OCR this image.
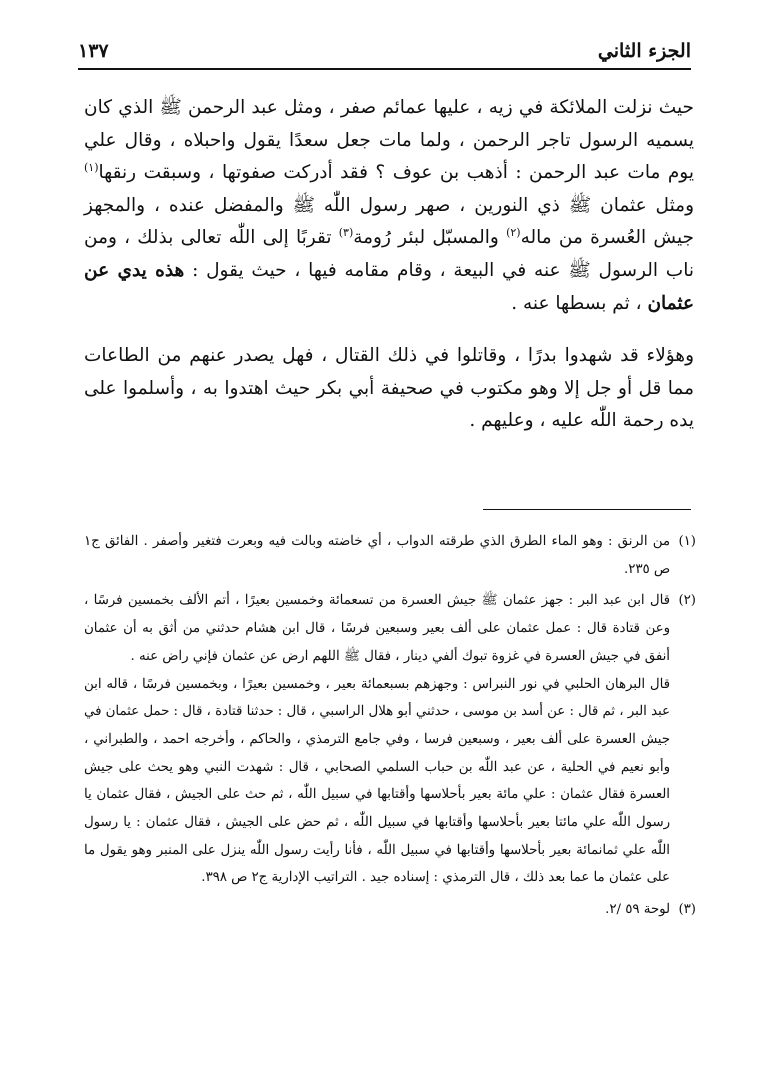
الجزء الثاني
١٣٧

حيث نزلت الملائكة في زيه ، عليها عمائم صفر ، ومثل عبد الرحمن ﷺ الذي كان يسميه الرسول تاجر الرحمن ، ولما مات جعل سعدًا يقول واحبلاه ، وقال علي يوم مات عبد الرحمن : أذهب بن عوف ؟ فقد أدركت صفوتها ، وسبقت رنقها$^{(١)}$ ومثل عثمان ﷺ ذي النورين ، صهر رسول اللّٰه ﷺ والمفضل عنده ، والمجهز جيش العُسرة من ماله$^{(٢)}$ والمسبّل لبئر رُومة$^{(٣)}$ تقربًا إلى اللّٰه تعالى بذلك ، ومن ناب الرسول ﷺ عنه في البيعة ، وقام مقامه فيها ، حيث يقول : هذه يدي عن عثمان ، ثم بسطها عنه .

وهؤلاء قد شهدوا بدرًا ، وقاتلوا في ذلك القتال ، فهل يصدر عنهم من الطاعات مما قل أو جل إلا وهو مكتوب في صحيفة أبي بكر حيث اهتدوا به ، وأسلموا على يده رحمة اللّٰه عليه ، وعليهم .

(١)

من الرنق : وهو الماء الطرق الذي طرقته الدواب ، أي خاضته وبالت فيه وبعرت فتغير وأصفر . الفائق ج١ ص ٢٣٥.

(٢)

قال ابن عبد البر : جهز عثمان ﷺ جيش العسرة من تسعمائة وخمسين بعيرًا ، أتم الألف بخمسين فرسًا ، وعن قتادة قال : عمل عثمان على ألف بعير وسبعين فرسًا ، قال ابن هشام حدثني من أثق به أن عثمان أنفق في جيش العسرة في غزوة تبوك ألفي دينار ، فقال ﷺ اللهم ارض عن عثمان فإني راض عنه .

قال البرهان الحلبي في نور النبراس : وجهزهم بسبعمائة بعير ، وخمسين بعيرًا ، وبخمسين فرسًا ، قاله ابن عبد البر ، ثم قال : عن أسد بن موسى ، حدثني أبو هلال الراسبي ، قال : حدثنا قتادة ، قال : حمل عثمان في جيش العسرة على ألف بعير ، وسبعين فرسا ، وفي جامع الترمذي ، والحاكم ، وأخرجه احمد ، والطبراني ، وأبو نعيم في الحلية ، عن عبد اللّٰه بن حباب السلمي الصحابي ، قال : شهدت النبي وهو يحث على جيش العسرة فقال عثمان : علي مائة بعير بأحلاسها وأقتابها في سبيل اللّٰه ، ثم حث على الجيش ، فقال عثمان يا رسول اللّٰه علي مائتا بعير بأحلاسها وأقتابها في سبيل اللّٰه ، ثم حض على الجيش ، فقال عثمان : يا رسول اللّٰه علي ثمانمائة بعير بأحلاسها وأقتابها في سبيل اللّٰه ، فأنا رأيت رسول اللّٰه ينزل على المنبر وهو يقول ما على عثمان ما عما بعد ذلك ، قال الترمذي : إسناده جيد . التراتيب الإدارية ج٢ ص ٣٩٨.

(٣)

لوحة ٥٩ /٢.
